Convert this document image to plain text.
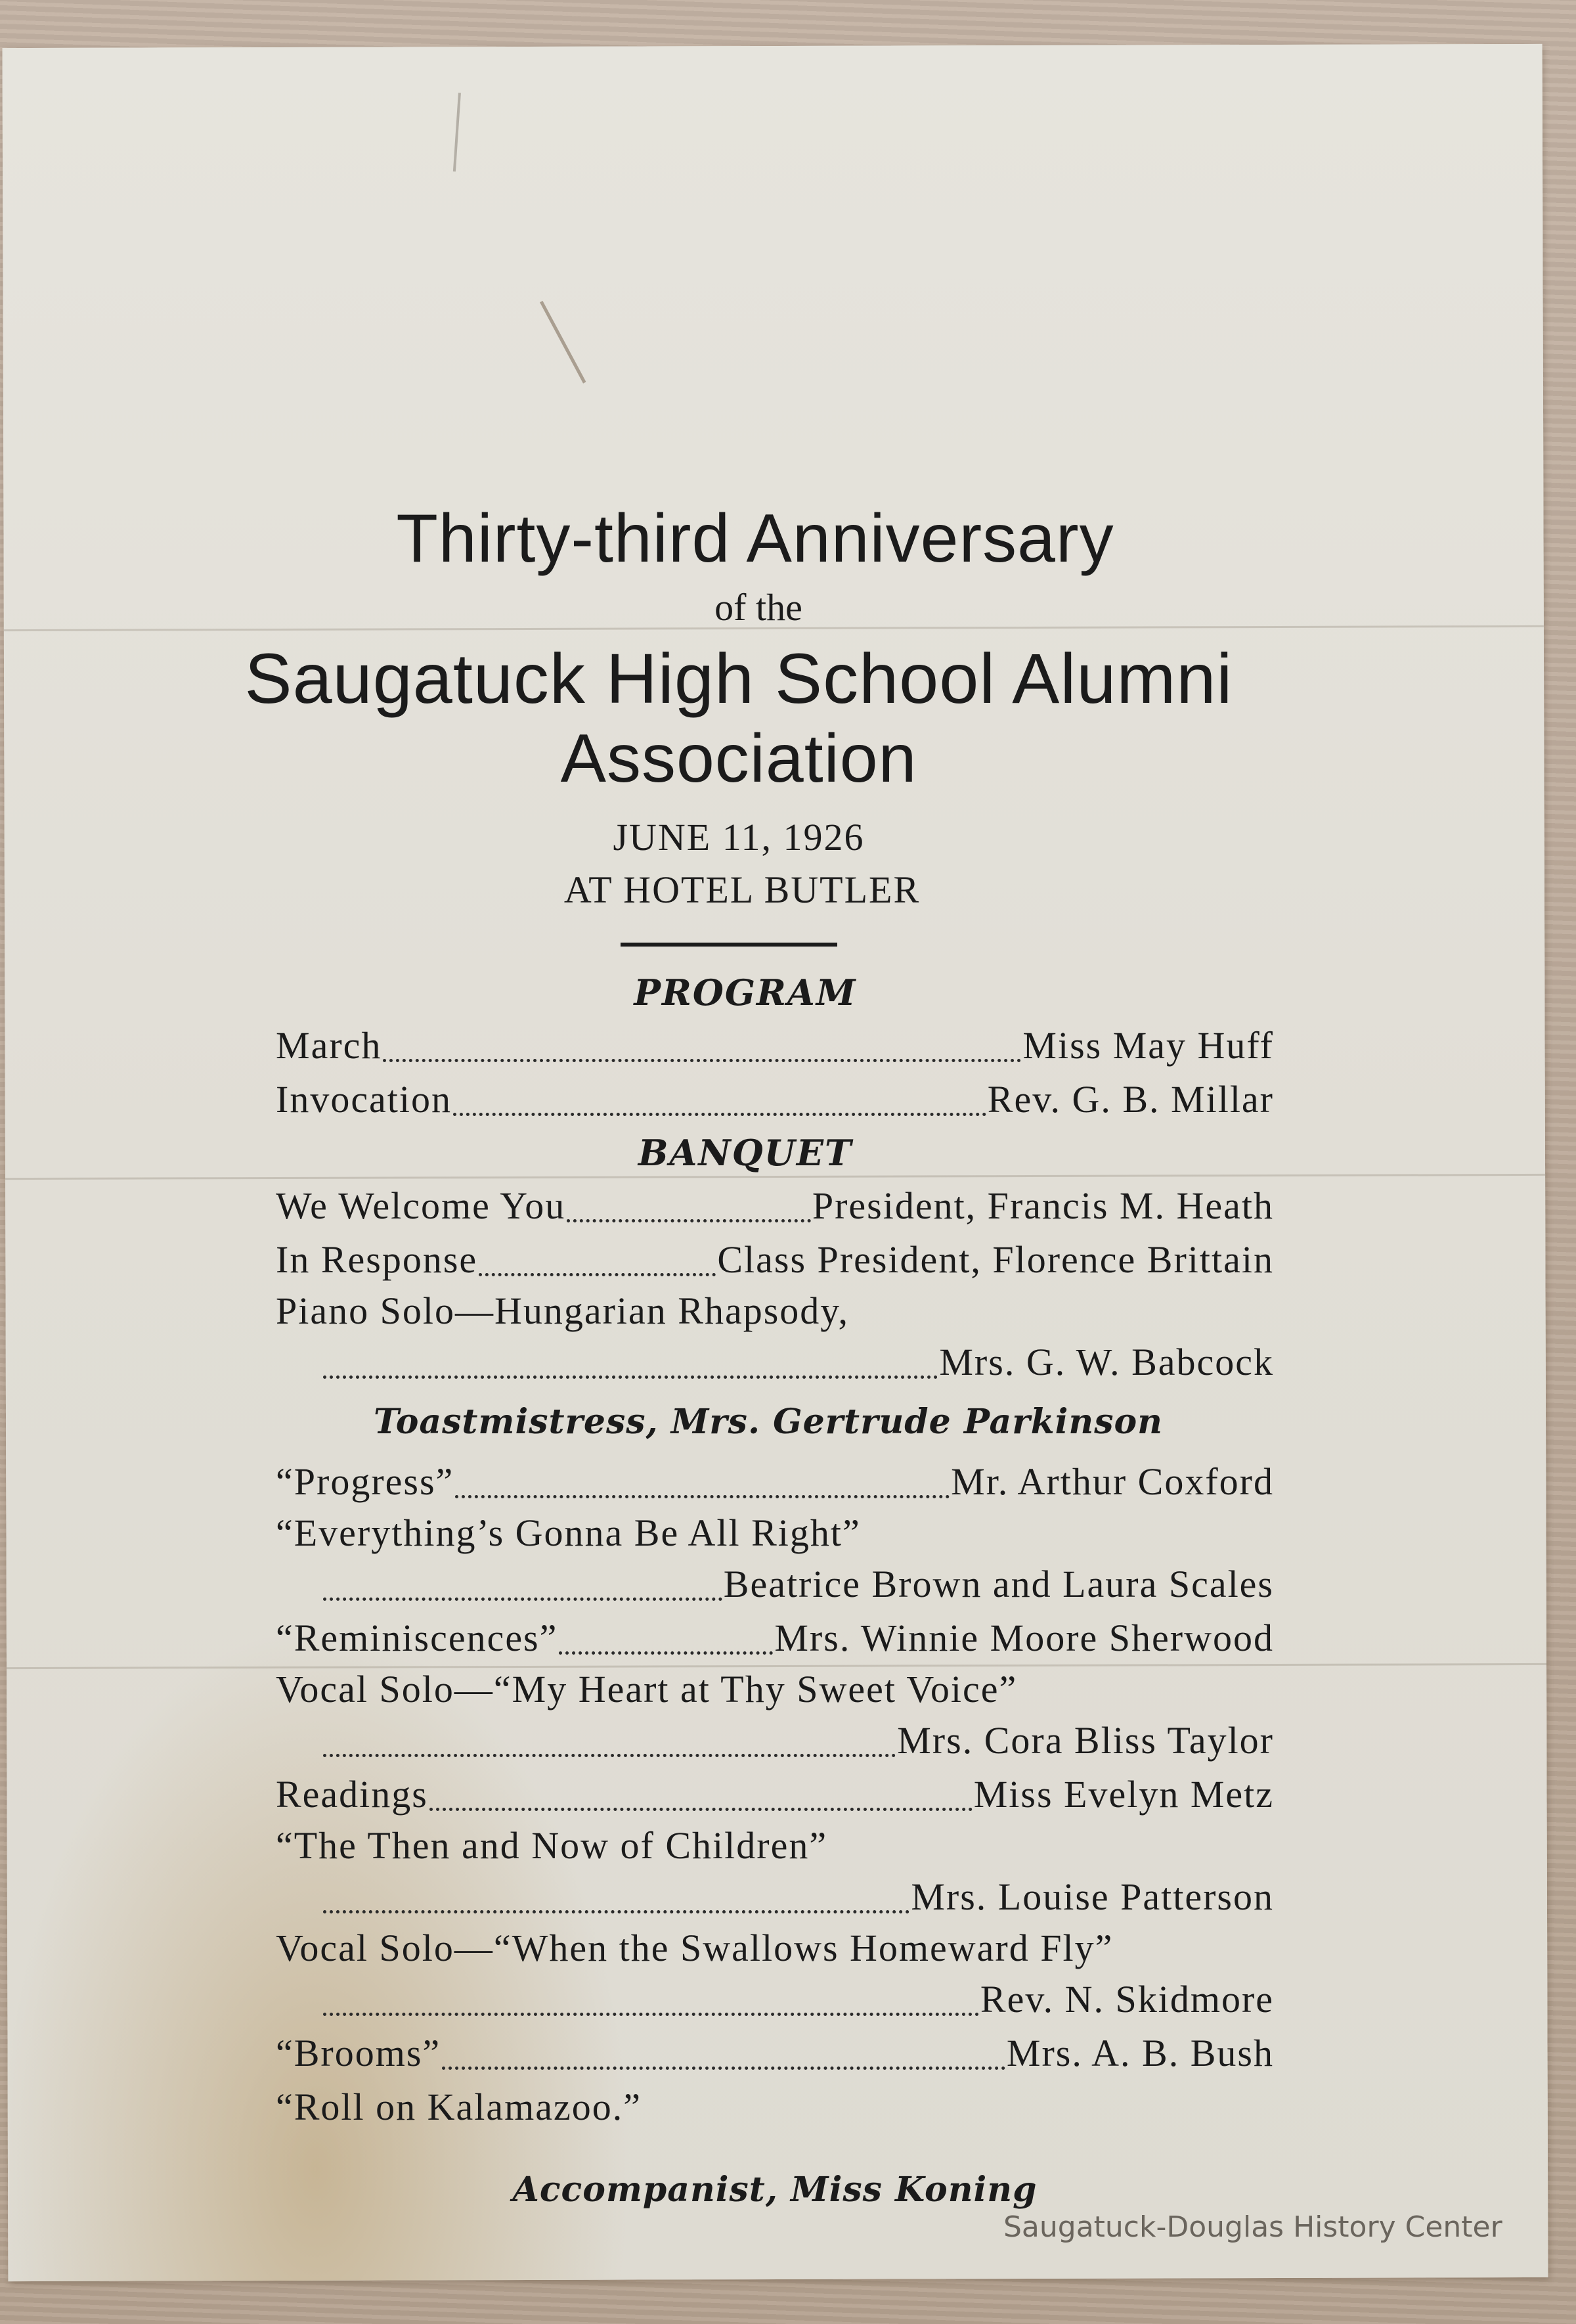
Thirty-third Anniversary
of the
Saugatuck High School Alumni
Association
JUNE 11, 1926
AT HOTEL BUTLER
PROGRAM
March	Miss May Huff
Invocation	Rev. G. B. Millar
BANQUET
We Welcome You	President, Francis M. Heath
In Response	Class President, Florence Brittain
Piano Solo—Hungarian Rhapsody,
Mrs. G. W. Babcock
Toastmistress, Mrs. Gertrude Parkinson
“Progress”	Mr. Arthur Coxford
“Everything’s Gonna Be All Right”
Beatrice Brown and Laura Scales
“Reminiscences”	Mrs. Winnie Moore Sherwood
Vocal Solo—“My Heart at Thy Sweet Voice”
Mrs. Cora Bliss Taylor
Readings	Miss Evelyn Metz
“The Then and Now of Children”
Mrs. Louise Patterson
Vocal Solo—“When the Swallows Homeward Fly”
Rev. N. Skidmore
“Brooms”	Mrs. A. B. Bush
“Roll on Kalamazoo.”
Accompanist, Miss Koning
Saugatuck-Douglas History Center
